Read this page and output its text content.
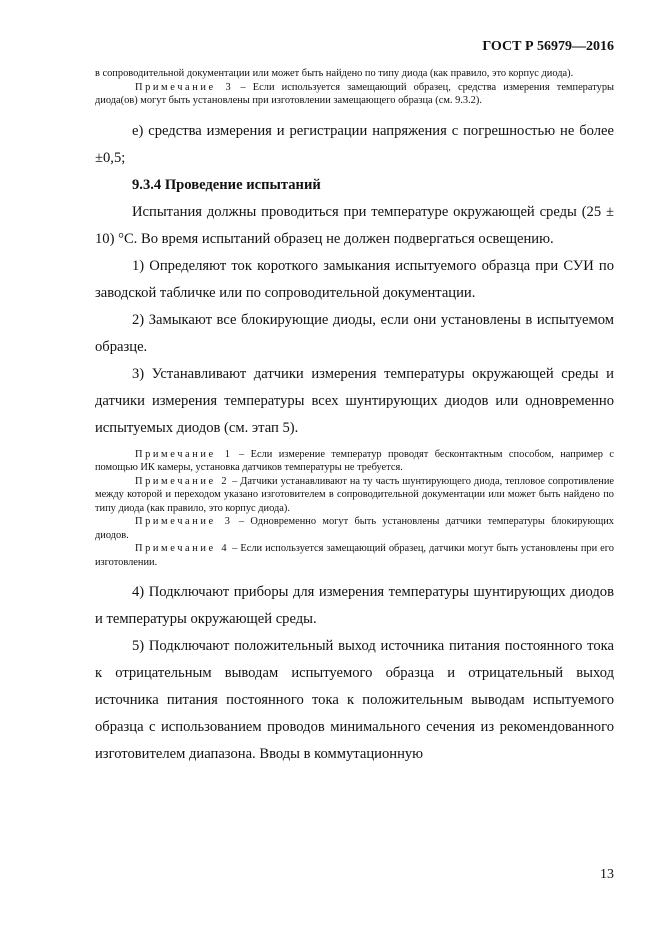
ГОСТ Р 56979—2016

в сопроводительной документации или может быть найдено по типу диода (как правило, это корпус диода).

Примечание 3 – Если используется замещающий образец, средства измерения температуры диода(ов) могут быть установлены при изготовлении замещающего образца (см. 9.3.2).

е) средства измерения и регистрации напряжения с погрешностью не более ±0,5;

9.3.4 Проведение испытаний

Испытания должны проводиться при температуре окружающей среды (25 ± 10) °С. Во время испытаний образец не должен подвергаться освещению.

1) Определяют ток короткого замыкания испытуемого образца при СУИ по заводской табличке или по сопроводительной документации.

2) Замыкают все блокирующие диоды, если они установлены в испытуемом образце.

3) Устанавливают датчики измерения температуры окружающей среды и датчики измерения температуры всех шунтирующих диодов или одновременно испытуемых диодов (см. этап 5).

Примечание 1 – Если измерение температур проводят бесконтактным способом, например с помощью ИК камеры, установка датчиков температуры не требуется.

Примечание 2 – Датчики устанавливают на ту часть шунтирующего диода, тепловое сопротивление между которой и переходом указано изготовителем в сопроводительной документации или может быть найдено по типу диода (как правило, это корпус диода).

Примечание 3 – Одновременно могут быть установлены датчики температуры блокирующих диодов.

Примечание 4 – Если используется замещающий образец, датчики могут быть установлены при его изготовлении.

4) Подключают приборы для измерения температуры шунтирующих диодов и температуры окружающей среды.

5) Подключают положительный выход источника питания постоянного тока к отрицательным выводам испытуемого образца и отрицательный выход источника питания постоянного тока к положительным выводам испытуемого образца с использованием проводов минимального сечения из рекомендованного изготовителем диапазона. Вводы в коммутационную

13
